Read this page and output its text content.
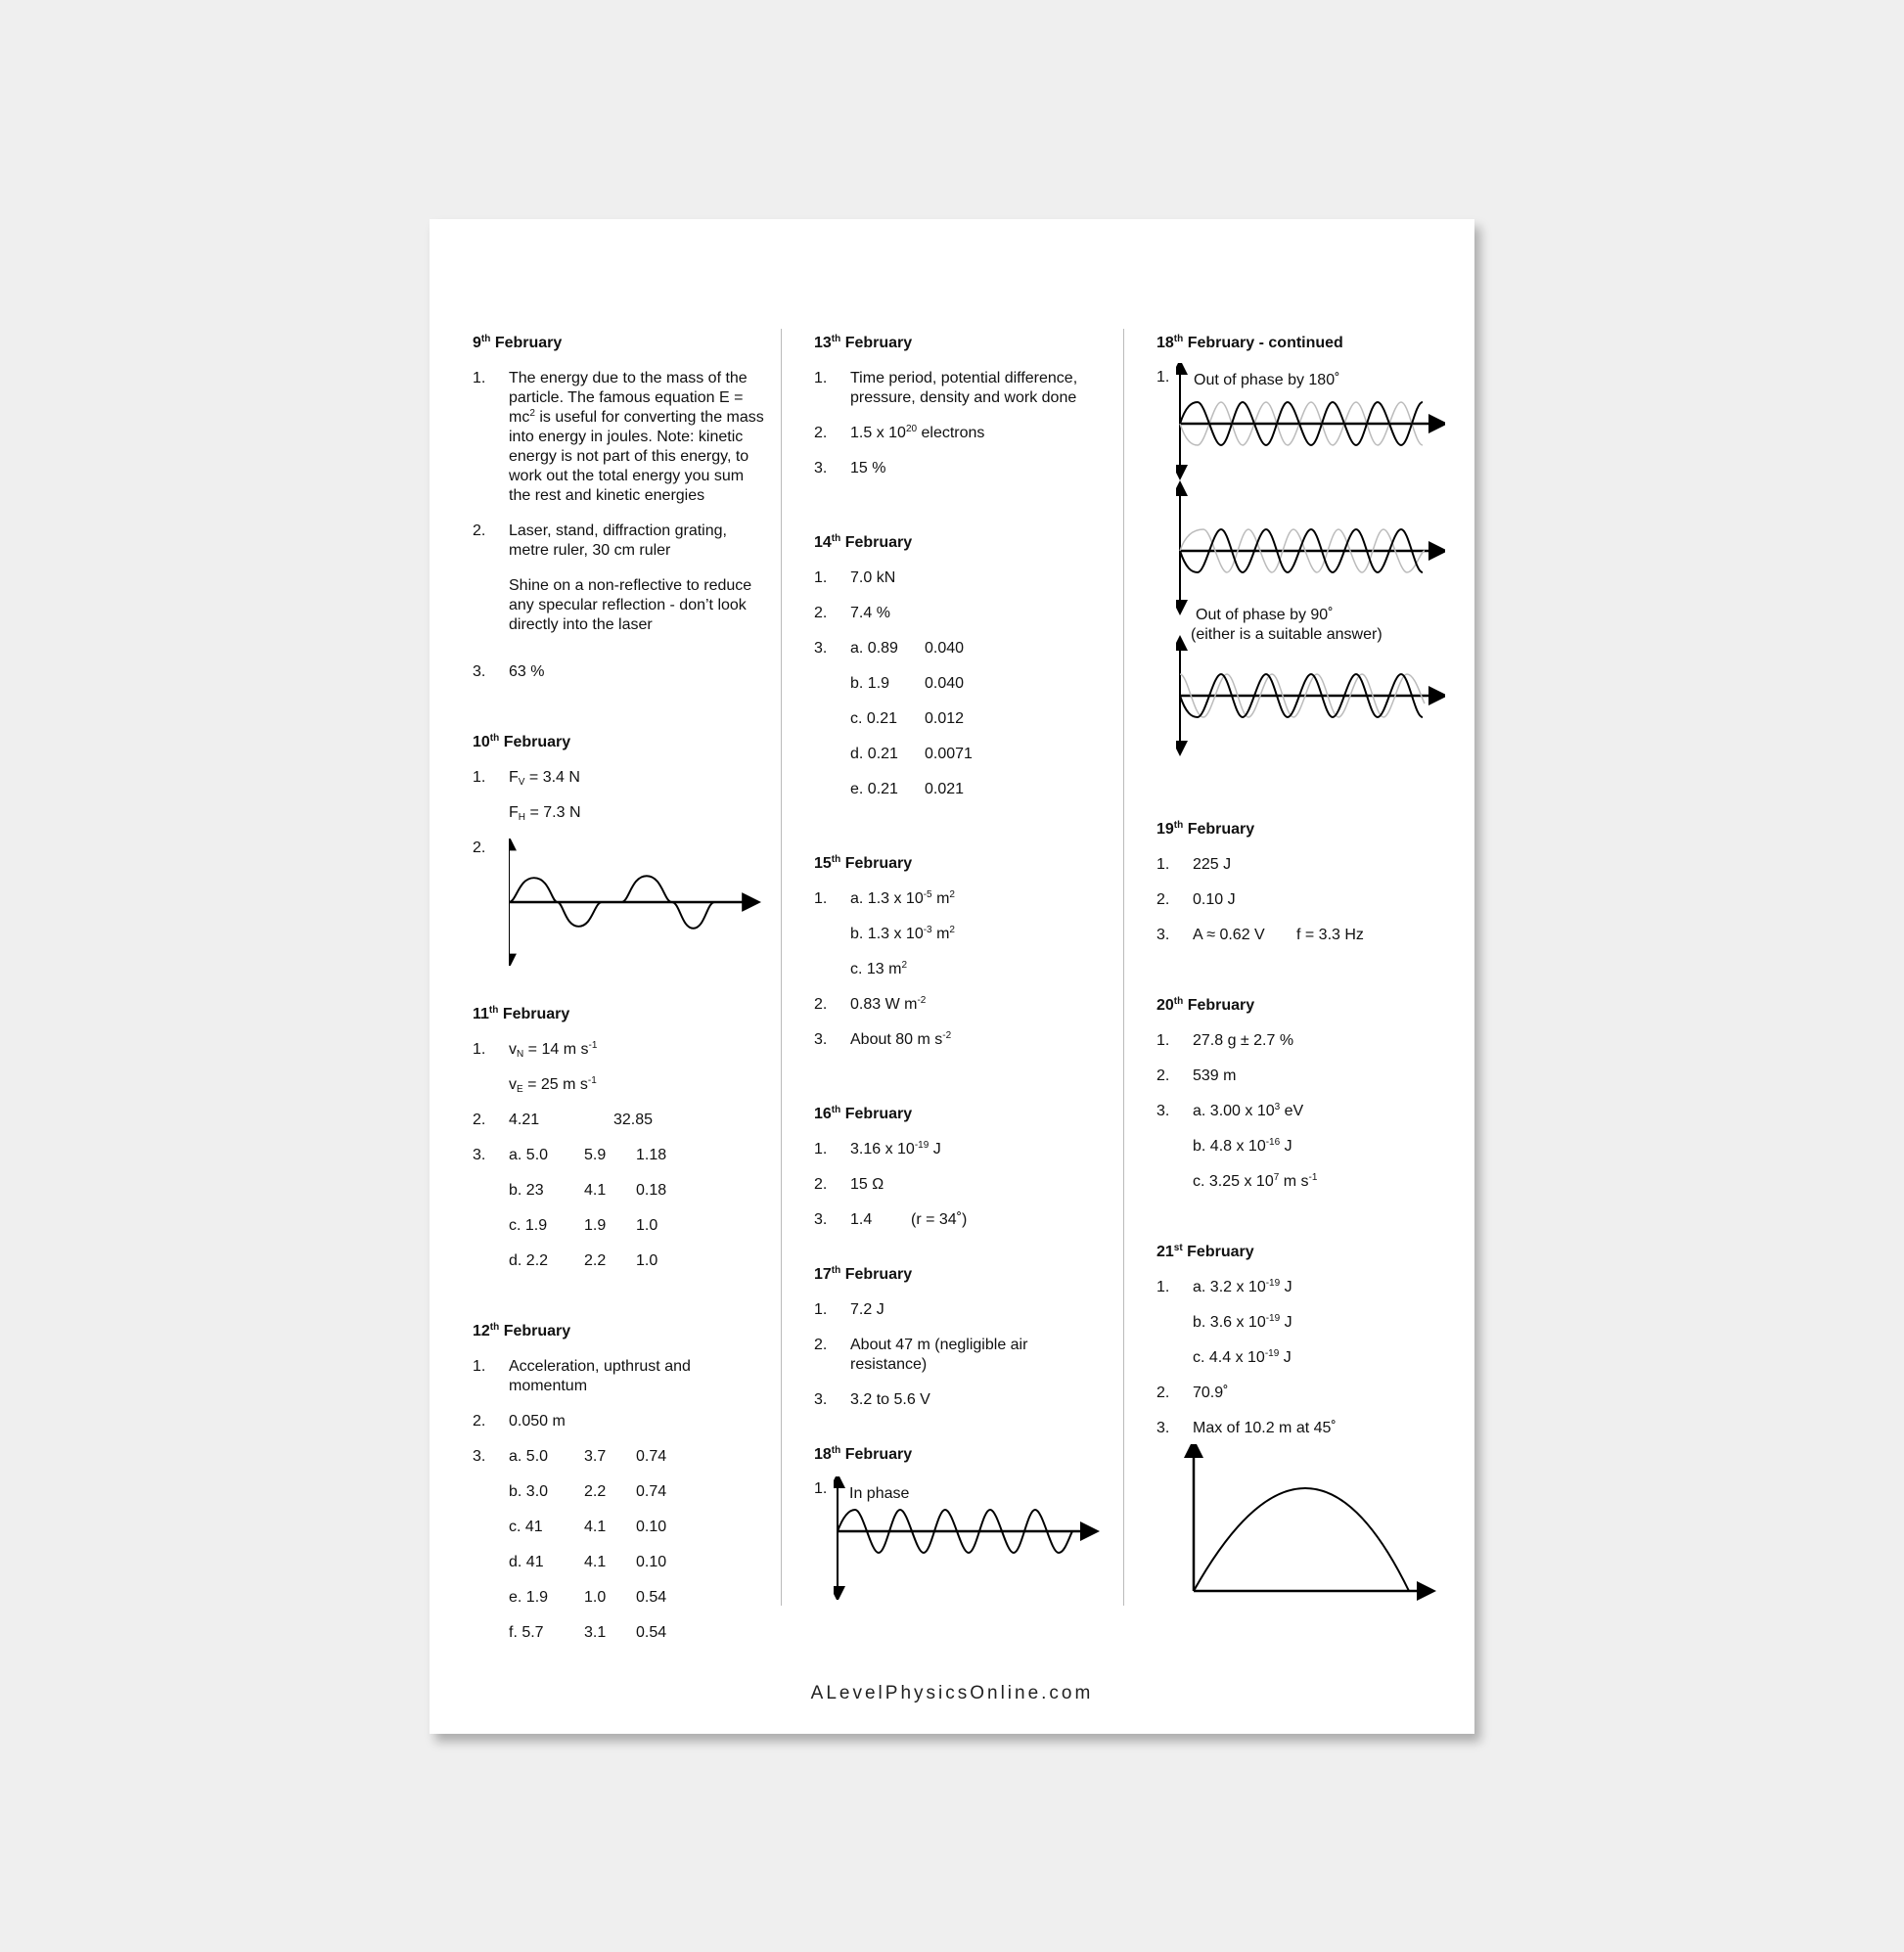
9th February
1.	The energy due to the mass of the particle. The famous equation $E = mc^2$ is useful for converting the mass into energy in joules. Note: kinetic energy is not part of this energy, to work out the total energy you sum the rest and kinetic energies
2.	Laser, stand, diffraction grating, metre ruler, 30 cm ruler
Shine on a non-reflective to reduce any specular reflection - don’t look directly into the laser
3.	63 %
10th February
1.	$F_V = 3.4$ N
$F_H = 7.3$ N
2.
11th February
1.	$v_N = 14$ m $s^{-1}$
$v_E = 25$ m $s^{-1}$
2.	4.21	32.85
3.	a. 5.0	5.9	1.18
b. 23	4.1	0.18
c. 1.9	1.9	1.0
d. 2.2	2.2	1.0
12th February
1.	Acceleration, upthrust and momentum
2.	0.050 m
3.	a. 5.0	3.7	0.74
b. 3.0	2.2	0.74
c. 41	4.1	0.10
d. 41	4.1	0.10
e. 1.9	1.0	0.54
f. 5.7	3.1	0.54
13th February
1.	Time period, potential difference, pressure, density and work done
2.	1.5 x $10^{20}$ electrons
3.	15 %
14th February
1.	7.0 kN
2.	7.4 %
3.	a. 0.89	0.040
b. 1.9	0.040
c. 0.21	0.012
d. 0.21	0.0071
e. 0.21	0.021
15th February
1.	a. 1.3 x $10^{-5}$ $m^2$
b. 1.3 x $10^{-3}$ $m^2$
c. 13 $m^2$
2.	0.83 W $m^{-2}$
3.	About 80 m $s^{-2}$
16th February
1.	3.16 x $10^{-19}$ J
2.	15 Ω
3.	1.4	(r = 34˚)
17th February
1.	7.2 J
2.	About 47 m (negligible air resistance)
3.	3.2 to 5.6 V
18th February
1. In phase
18th February - continued
1. Out of phase by 180˚
Out of phase by 90˚
(either is a suitable answer)
19th February
1.	225 J
2.	0.10 J
3.	A ≈ 0.62 V	f = 3.3 Hz
20th February
1.	27.8 g ± 2.7 %
2.	539 m
3.	a. 3.00 x $10^3$ eV
b. 4.8 x $10^{-16}$ J
c. 3.25 x $10^7$ m $s^{-1}$
21st February
1.	a. 3.2 x $10^{-19}$ J
b. 3.6 x $10^{-19}$ J
c. 4.4 x $10^{-19}$ J
2.	70.9˚
3.	Max of 10.2 m at 45˚
ALevelPhysicsOnline.com
